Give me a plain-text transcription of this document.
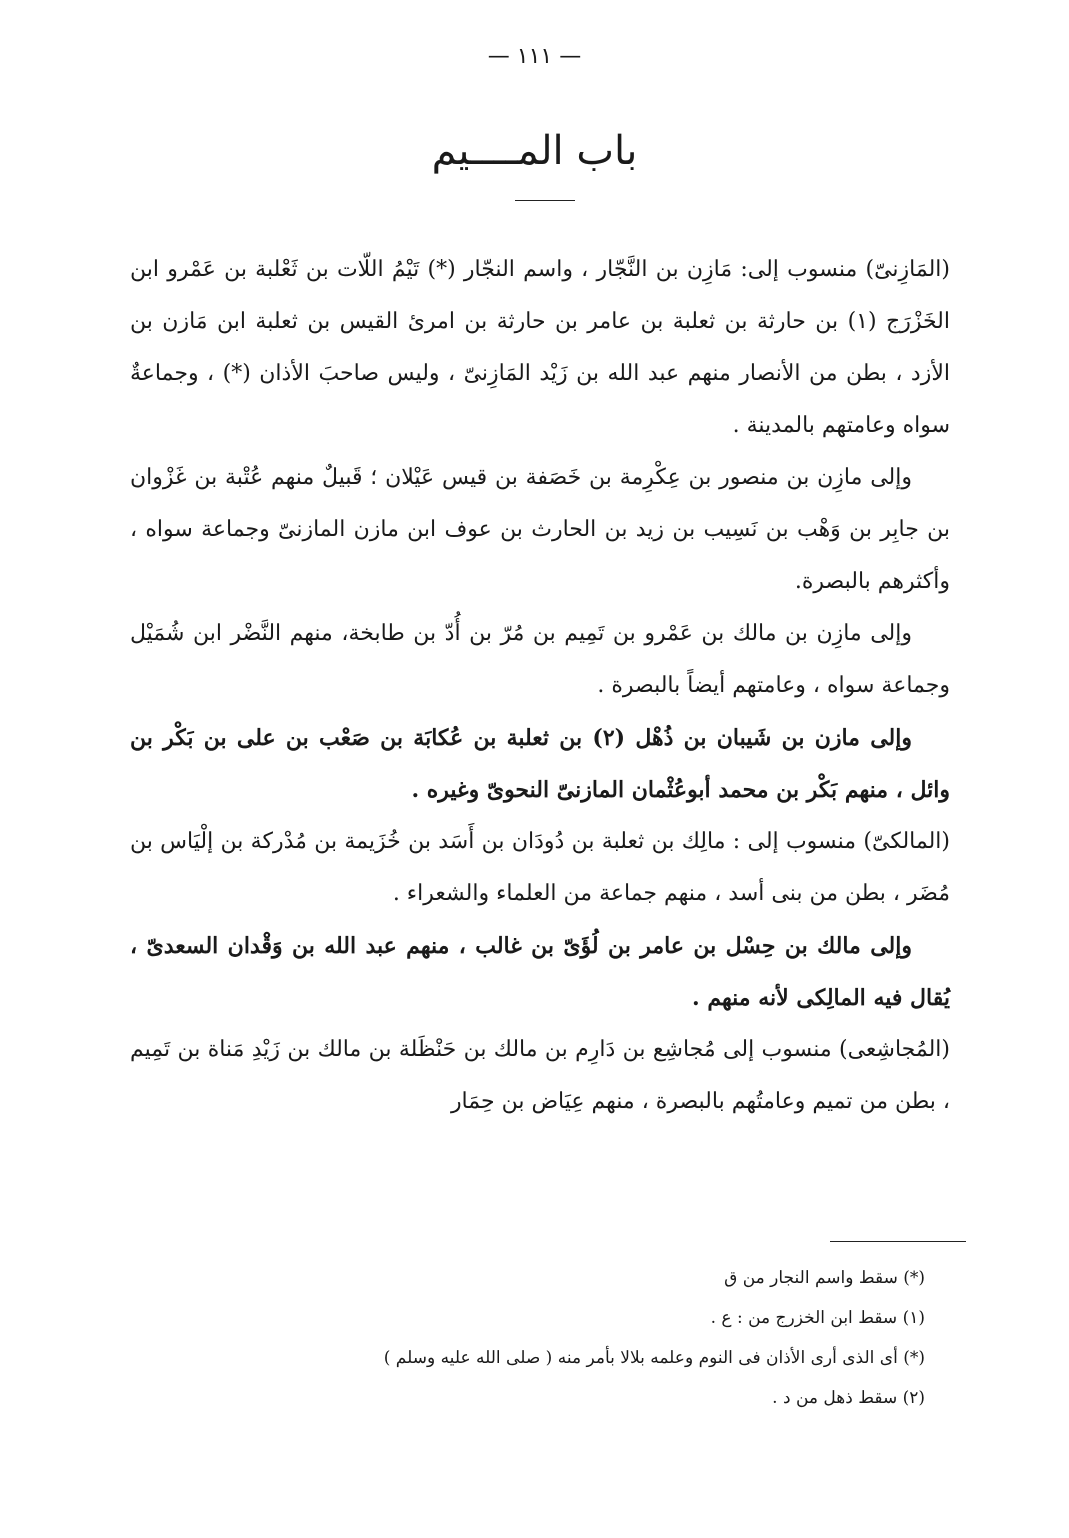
— ١١١ —
باب المــــيم

(المَازِنىّ) منسوب إلى: مَازِن بن النَّجّار ، واسم النجّار (*) تَيْمُ اللّات بن ثَعْلبة بن عَمْرو ابن الخَزْرَج (١) بن حارثة بن ثعلبة بن عامر بن حارثة بن امرئ القيس بن ثعلبة ابن مَازن بن الأزد ، بطن من الأنصار منهم عبد الله بن زَيْد المَازِنىّ ، وليس صاحبَ الأذان (*) ، وجماعةٌ سواه وعامتهم بالمدينة .

وإلى مازِن بن منصور بن عِكْرِمة بن خَصَفة بن قيس عَيْلان ؛ قَبيلٌ منهم عُتْبة بن غَزْوان بن جابِر بن وَهْب بن نَسِيب بن زيد بن الحارث بن عوف ابن مازن المازنىّ وجماعة سواه ، وأكثرهم بالبصرة.

وإلى مازِن بن مالك بن عَمْرو بن تَمِيم بن مُرّ بن أُدّ بن طابخة، منهم النَّضْر ابن شُمَيْل وجماعة سواه ، وعامتهم أيضاً بالبصرة .

وإلى مازن بن شَيبان بن ذُهْل (٢) بن ثعلبة بن عُكابَة بن صَعْب بن على بن بَكْر بن وائل ، منهم بَكْر بن محمد أبوعُثْمان المازنىّ النحوىّ وغيره .

(المالكىّ) منسوب إلى : مالِك بن ثعلبة بن دُودَان بن أَسَد بن خُزَيمة بن مُدْركة بن إلْيَاس بن مُضَر ، بطن من بنى أسد ، منهم جماعة من العلماء والشعراء .

وإلى مالك بن حِسْل بن عامر بن لُؤَىّ بن غالب ، منهم عبد الله بن وَقْدان السعدىّ ، يُقال فيه المالِكى لأنه منهم .

(المُجاشِعى) منسوب إلى مُجاشِع بن دَارِم بن مالك بن حَنْظَلة بن مالك بن زَيْدِ مَناة بن تَمِيم ، بطن من تميم وعامتُهم بالبصرة ، منهم عِيَاض بن حِمَار

(*) سقط واسم النجار من ق
(١) سقط ابن الخزرج من : ع .
(*) أى الذى أرى الأذان فى النوم وعلمه بلالا بأمر منه ( صلى الله عليه وسلم )
(٢) سقط ذهل من د .
